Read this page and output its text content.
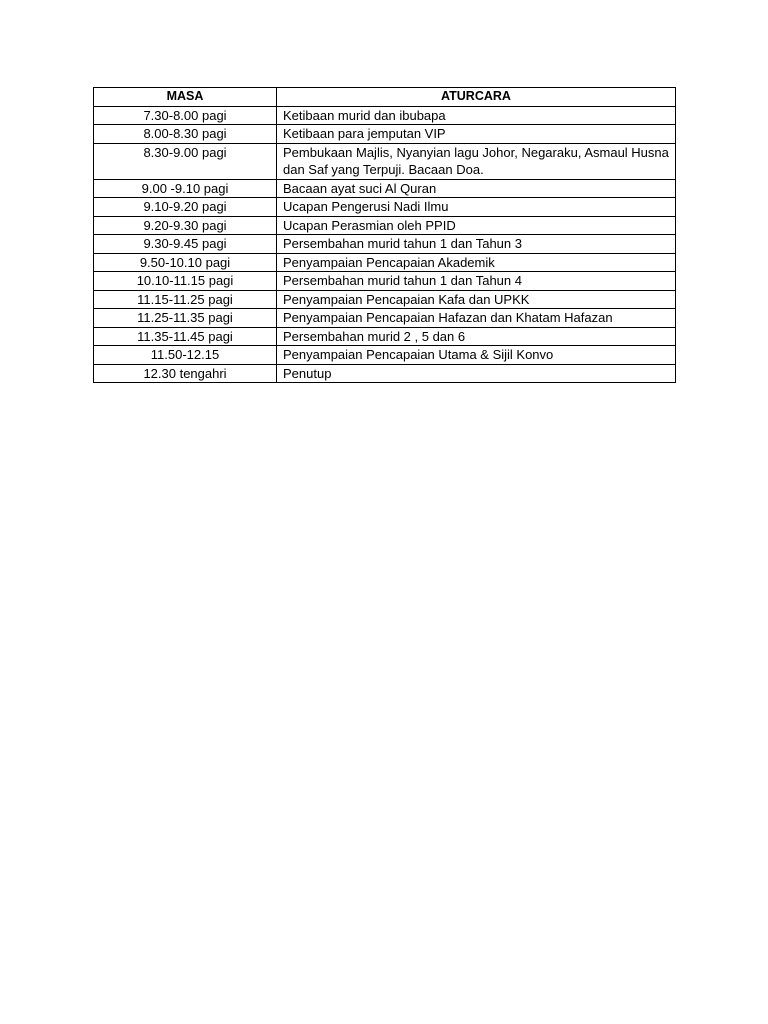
MASA	ATURCARA
7.30-8.00 pagi	Ketibaan murid dan ibubapa
8.00-8.30 pagi	Ketibaan para jemputan VIP
8.30-9.00 pagi	Pembukaan Majlis, Nyanyian lagu Johor, Negaraku, Asmaul Husna dan Saf yang Terpuji. Bacaan Doa.
9.00 -9.10 pagi	Bacaan ayat suci Al Quran
9.10-9.20 pagi	Ucapan Pengerusi Nadi Ilmu
9.20-9.30 pagi	Ucapan Perasmian oleh PPID
9.30-9.45 pagi	Persembahan murid tahun 1 dan Tahun 3
9.50-10.10 pagi	Penyampaian Pencapaian Akademik
10.10-11.15 pagi	Persembahan murid tahun 1 dan Tahun 4
11.15-11.25 pagi	Penyampaian Pencapaian Kafa dan UPKK
11.25-11.35 pagi	Penyampaian Pencapaian Hafazan dan Khatam Hafazan
11.35-11.45 pagi	Persembahan murid 2 , 5 dan 6
11.50-12.15	Penyampaian Pencapaian Utama & Sijil Konvo
12.30 tengahri	Penutup
